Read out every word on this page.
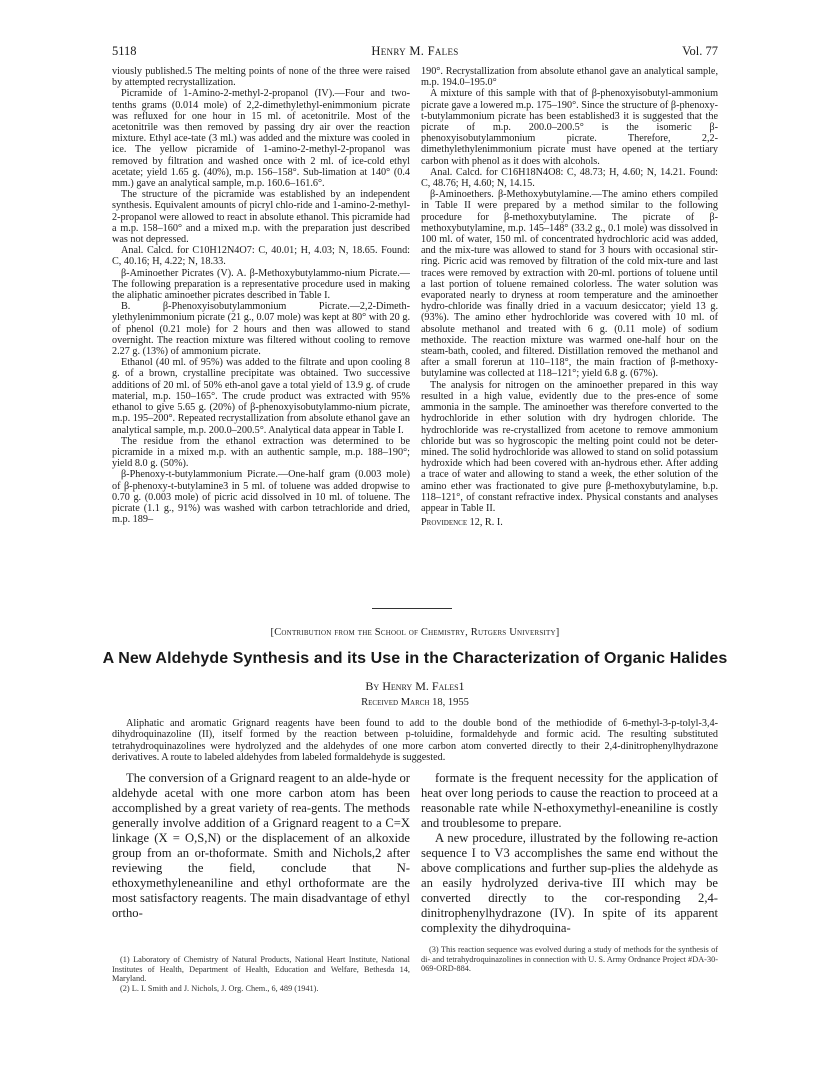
5118	Henry M. Fales	Vol. 77

viously published.5 The melting points of none of the three were raised by attempted recrystallization.

Picramide of 1-Amino-2-methyl-2-propanol (IV).—Four and two-tenths grams (0.014 mole) of 2,2-dimethylethyl-enimmonium picrate was refluxed for one hour in 15 ml. of acetonitrile. Most of the acetonitrile was then removed by passing dry air over the reaction mixture. Ethyl ace-tate (3 ml.) was added and the mixture was cooled in ice. The yellow picramide of 1-amino-2-methyl-2-propanol was removed by filtration and washed once with 2 ml. of ice-cold ethyl acetate; yield 1.65 g. (40%), m.p. 156–158°. Sub-limation at 140° (0.4 mm.) gave an analytical sample, m.p. 160.6–161.6°.

The structure of the picramide was established by an independent synthesis. Equivalent amounts of picryl chlo-ride and 1-amino-2-methyl-2-propanol were allowed to react in absolute ethanol. This picramide had a m.p. 158–160° and a mixed m.p. with the preparation just described was not depressed.

Anal. Calcd. for C10H12N4O7: C, 40.01; H, 4.03; N, 18.65. Found: C, 40.16; H, 4.22; N, 18.33.

β-Aminoether Picrates (V). A. β-Methoxybutylammo-nium Picrate.—The following preparation is a representative procedure used in making the aliphatic aminoether picrates described in Table I.

B. β-Phenoxyisobutylammonium Picrate.—2,2-Dimeth-ylethylenimmonium picrate (21 g., 0.07 mole) was kept at 80° with 20 g. of phenol (0.21 mole) for 2 hours and then was allowed to stand overnight. The reaction mixture was filtered without cooling to remove 2.27 g. (13%) of ammonium picrate.

Ethanol (40 ml. of 95%) was added to the filtrate and upon cooling 8 g. of a brown, crystalline precipitate was obtained. Two successive additions of 20 ml. of 50% eth-anol gave a total yield of 13.9 g. of crude material, m.p. 150–165°. The crude product was extracted with 95% ethanol to give 5.65 g. (20%) of β-phenoxyisobutylammo-nium picrate, m.p. 195–200°. Repeated recrystallization from absolute ethanol gave an analytical sample, m.p. 200.0–200.5°. Analytical data appear in Table I.

The residue from the ethanol extraction was determined to be picramide in a mixed m.p. with an authentic sample, m.p. 188–190°; yield 8.0 g. (50%).

β-Phenoxy-t-butylammonium Picrate.—One-half gram (0.003 mole) of β-phenoxy-t-butylamine3 in 5 ml. of toluene was added dropwise to 0.70 g. (0.003 mole) of picric acid dissolved in 10 ml. of toluene. The picrate (1.1 g., 91%) was washed with carbon tetrachloride and dried, m.p. 189–

190°. Recrystallization from absolute ethanol gave an analytical sample, m.p. 194.0–195.0°

A mixture of this sample with that of β-phenoxyisobutyl-ammonium picrate gave a lowered m.p. 175–190°. Since the structure of β-phenoxy-t-butylammonium picrate has been established3 it is suggested that the picrate of m.p. 200.0–200.5° is the isomeric β-phenoxyisobutylammonium picrate. Therefore, 2,2-dimethylethylenimmonium picrate must have opened at the tertiary carbon with phenol as it does with alcohols.

Anal. Calcd. for C16H18N4O8: C, 48.73; H, 4.60; N, 14.21. Found: C, 48.76; H, 4.60; N, 14.15.

β-Aminoethers. β-Methoxybutylamine.—The amino ethers compiled in Table II were prepared by a method similar to the following procedure for β-methoxybutylamine. The picrate of β-methoxybutylamine, m.p. 145–148° (33.2 g., 0.1 mole) was dissolved in 100 ml. of water, 150 ml. of concentrated hydrochloric acid was added, and the mix-ture was allowed to stand for 3 hours with occasional stir-ring. Picric acid was removed by filtration of the cold mix-ture and last traces were removed by extraction with 20-ml. portions of toluene until a last portion of toluene remained colorless. The water solution was evaporated nearly to dryness at room temperature and the aminoether hydro-chloride was finally dried in a vacuum desiccator; yield 13 g. (93%). The amino ether hydrochloride was covered with 10 ml. of absolute methanol and treated with 6 g. (0.11 mole) of sodium methoxide. The reaction mixture was warmed one-half hour on the steam-bath, cooled, and filtered. Distillation removed the methanol and after a small forerun at 110–118°, the main fraction of β-methoxy-butylamine was collected at 118–121°; yield 6.8 g. (67%).

The analysis for nitrogen on the aminoether prepared in this way resulted in a high value, evidently due to the pres-ence of some ammonia in the sample. The aminoether was therefore converted to the hydrochloride in ether solution with dry hydrogen chloride. The hydrochloride was re-crystallized from acetone to remove ammonium chloride but was so hygroscopic the melting point could not be deter-mined. The solid hydrochloride was allowed to stand on solid potassium hydroxide which had been covered with an-hydrous ether. After adding a trace of water and allowing to stand a week, the ether solution of the amino ether was fractionated to give pure β-methoxybutylamine, b.p. 118–121°, of constant refractive index. Physical constants and analyses appear in Table II.

Providence 12, R. I.

[Contribution from the School of Chemistry, Rutgers University]
A New Aldehyde Synthesis and its Use in the Characterization of Organic Halides
By Henry M. Fales1
Received March 18, 1955
Aliphatic and aromatic Grignard reagents have been found to add to the double bond of the methiodide of 6-methyl-3-p-tolyl-3,4-dihydroquinazoline (II), itself formed by the reaction between p-toluidine, formaldehyde and formic acid. The resulting substituted tetrahydroquinazolines were hydrolyzed and the aldehydes of one more carbon atom converted directly to their 2,4-dinitrophenylhydrazone derivatives. A route to labeled aldehydes from labeled formaldehyde is suggested.

The conversion of a Grignard reagent to an alde-hyde or aldehyde acetal with one more carbon atom has been accomplished by a great variety of rea-gents. The methods generally involve addition of a Grignard reagent to a C=X linkage (X = O,S,N) or the displacement of an alkoxide group from an or-thoformate. Smith and Nichols,2 after reviewing the field, conclude that N-ethoxymethyleneaniline and ethyl orthoformate are the most satisfactory reagents. The main disadvantage of ethyl ortho-

formate is the frequent necessity for the application of heat over long periods to cause the reaction to proceed at a reasonable rate while N-ethoxymethyl-eneaniline is costly and troublesome to prepare.

A new procedure, illustrated by the following re-action sequence I to V3 accomplishes the same end without the above complications and further sup-plies the aldehyde as an easily hydrolyzed deriva-tive III which may be converted directly to the cor-responding 2,4-dinitrophenylhydrazone (IV). In spite of its apparent complexity the dihydroquina-

(1) Laboratory of Chemistry of Natural Products, National Heart Institute, National Institutes of Health, Department of Health, Education and Welfare, Bethesda 14, Maryland.

(2) L. I. Smith and J. Nichols, J. Org. Chem., 6, 489 (1941).

(3) This reaction sequence was evolved during a study of methods for the synthesis of di- and tetrahydroquinazolines in connection with U. S. Army Ordnance Project #DA-30-069-ORD-884.
